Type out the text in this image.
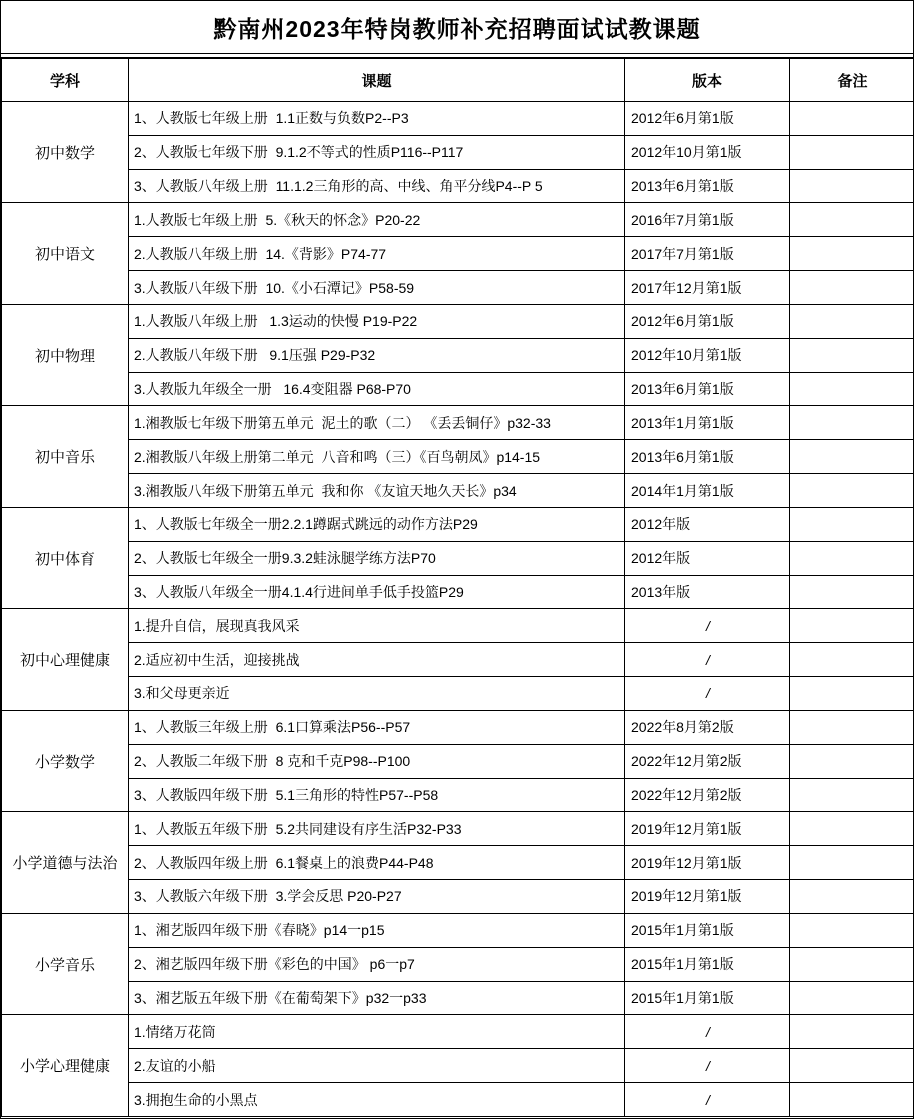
黔南州2023年特岗教师补充招聘面试试教课题
学科	课题	版本	备注
初中数学	1、人教版七年级上册  1.1正数与负数P2--P3	2012年6月第1版	
	2、人教版七年级下册  9.1.2不等式的性质P116--P117	2012年10月第1版	
	3、人教版八年级上册  11.1.2三角形的高、中线、角平分线P4--P 5	2013年6月第1版	
初中语文	1.人教版七年级上册  5.《秋天的怀念》P20-22	2016年7月第1版	
	2.人教版八年级上册  14.《背影》P74-77	2017年7月第1版	
	3.人教版八年级下册  10.《小石潭记》P58-59	2017年12月第1版	
初中物理	1.人教版八年级上册   1.3运动的快慢 P19-P22	2012年6月第1版	
	2.人教版八年级下册   9.1压强 P29-P32	2012年10月第1版	
	3.人教版九年级全一册   16.4变阻器 P68-P70	2013年6月第1版	
初中音乐	1.湘教版七年级下册第五单元  泥土的歌（二） 《丢丢铜仔》p32-33	2013年1月第1版	
	2.湘教版八年级上册第二单元  八音和鸣（三）《百鸟朝凤》p14-15	2013年6月第1版	
	3.湘教版八年级下册第五单元  我和你 《友谊天地久天长》p34	2014年1月第1版	
初中体育	1、人教版七年级全一册2.2.1蹲踞式跳远的动作方法P29	2012年版	
	2、人教版七年级全一册9.3.2蛙泳腿学练方法P70	2012年版	
	3、人教版八年级全一册4.1.4行进间单手低手投篮P29	2013年版	
初中心理健康	1.提升自信，展现真我风采	/	
	2.适应初中生活，迎接挑战	/	
	3.和父母更亲近	/	
小学数学	1、人教版三年级上册  6.1口算乘法P56--P57	2022年8月第2版	
	2、人教版二年级下册  8 克和千克P98--P100	2022年12月第2版	
	3、人教版四年级下册  5.1三角形的特性P57--P58	2022年12月第2版	
小学道德与法治	1、人教版五年级下册  5.2共同建设有序生活P32-P33	2019年12月第1版	
	2、人教版四年级上册  6.1餐桌上的浪费P44-P48	2019年12月第1版	
	3、人教版六年级下册  3.学会反思 P20-P27	2019年12月第1版	
小学音乐	1、湘艺版四年级下册《春晓》p14一p15	2015年1月第1版	
	2、湘艺版四年级下册《彩色的中国》 p6一p7	2015年1月第1版	
	3、湘艺版五年级下册《在葡萄架下》p32一p33	2015年1月第1版	
小学心理健康	1.情绪万花筒	/	
	2.友谊的小船	/	
	3.拥抱生命的小黑点	/	
